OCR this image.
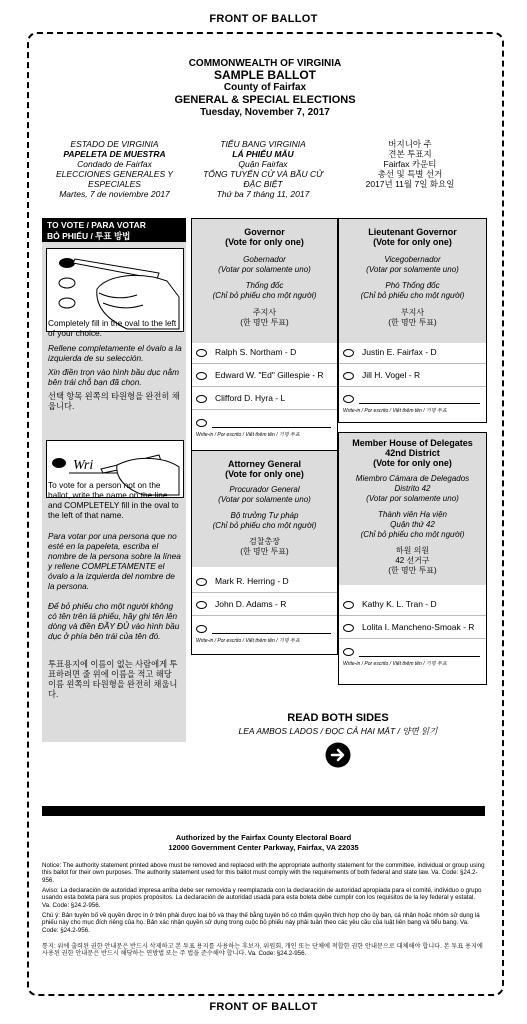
FRONT OF BALLOT
FRONT OF BALLOT
COMMONWEALTH OF VIRGINIA
SAMPLE BALLOT
County of Fairfax
GENERAL & SPECIAL ELECTIONS
Tuesday, November 7, 2017
ESTADO DE VIRGINIA
PAPELETA DE MUESTRA
Condado de Fairfax
ELECCIONES GENERALES Y
ESPECIALES
Martes, 7 de noviembre 2017
TIỂU BANG VIRGINIA
LÁ PHIẾU MẪU
Quận Fairfax
TỔNG TUYỂN CỬ VÀ BẦU CỬ
ĐẶC BIỆT
Thứ ba 7 tháng 11, 2017
버지니아 주
견본 투표지
Fairfax 카운티
총선 및 특별 선거
2017년 11월 7일 화요일
TO VOTE / PARA VOTAR
BỎ PHIẾU / 투표 방법
Completely fill in the oval to the left of your choice.
Rellene completamente el óvalo a la izquierda de su selección.
Xin điền trọn vào hình bầu dục nằm bên trái chỗ bạn đã chọn.
선택 항목 왼쪽의 타원형을 완전히 채웁니다.
Wri
To vote for a person not on the ballot, write the name on the line and COMPLETELY fill in the oval to the left of that name.
Para votar por una persona que no esté en la papeleta, escriba el nombre de la persona sobre la línea y rellene COMPLETAMENTE el óvalo a la izquierda del nombre de la persona.
Để bỏ phiếu cho một người không có tên trên lá phiếu, hãy ghi tên lên dòng và điền ĐẦY ĐỦ vào hình bầu dục ở phía bên trái của tên đó.
투표용지에 이름이 없는 사람에게 투표하려면 줄 위에 이름을 적고 해당 이름 왼쪽의 타원형을 완전히 채웁니다.
Governor
(Vote for only one)
Gobernador
(Votar por solamente uno)
Thống đốc
(Chỉ bỏ phiếu cho một người)
주지사
(한 명만 투표)
Ralph S. Northam - D
Edward W. "Ed" Gillespie - R
Clifford D. Hyra - L
Write-in / Por escrito / Viết thêm tên / 기명 투표
Lieutenant Governor
(Vote for only one)
Vicegobernador
(Votar por solamente uno)
Phó Thống đốc
(Chỉ bỏ phiếu cho một người)
부지사
(한 명만 투표)
Justin E. Fairfax - D
Jill H. Vogel - R
Write-in / Por escrito / Viết thêm tên / 기명 투표
Attorney General
(Vote for only one)
Procurador General
(Votar por solamente uno)
Bộ trưởng Tư pháp
(Chỉ bỏ phiếu cho một người)
검찰총장
(한 명만 투표)
Mark R. Herring - D
John D. Adams - R
Write-in / Por escrito / Viết thêm tên / 기명 투표
Member House of Delegates
42nd District
(Vote for only one)
Miembro Cámara de Delegados
Distrito 42
(Votar por solamente uno)
Thành viên Hạ viện
Quận thứ 42
(Chỉ bỏ phiếu cho một người)
하원 의원
42 선거구
(한 명만 투표)
Kathy K. L. Tran - D
Lolita I. Mancheno-Smoak - R
Write-in / Por escrito / Viết thêm tên / 기명 투표
READ BOTH SIDES
LEA AMBOS LADOS / ĐỌC CẢ HAI MẶT / 양면 읽기
Authorized by the Fairfax County Electoral Board
12000 Government Center Parkway, Fairfax, VA 22035
Notice: The authority statement printed above must be removed and replaced with the appropriate authority statement for the committee, individual or group using this ballot for their own purposes. The authority statement used for this ballot must comply with the requirements of both federal and state law. Va. Code: §24.2-956.
Aviso: La declaración de autoridad impresa arriba debe ser removida y reemplazada con la declaración de autoridad apropiada para el comité, individuo o grupo usando esta boleta para sus propios propósitos. La declaración de autoridad usada para esta boleta debe cumplir con los requisitos de la ley federal y estatal. Va. Code: §24.2-956.
Chú ý: Bản tuyên bố về quyền được in ở trên phải được loại bỏ và thay thế bằng tuyên bố có thẩm quyền thích hợp cho ủy ban, cá nhân hoặc nhóm sử dụng lá phiếu này cho mục đích riêng của họ. Bản xác nhận quyền sử dụng trong cuộc bỏ phiếu này phải tuân theo các yêu cầu của luật liên bang và tiểu bang. Va. Code: §24.2-956.
통지: 위에 출력된 권한 안내문은 반드시 삭제하고 본 투표 용지를 사용하는 후보자, 위원회, 개인 또는 단체에 적합한 권한 안내문으로 대체해야 합니다. 본 투표 용지에 사용된 권한 안내문은 반드시 해당하는 연방법 또는 주 법을 준수해야 합니다. Va. Code: §24.2-956.
